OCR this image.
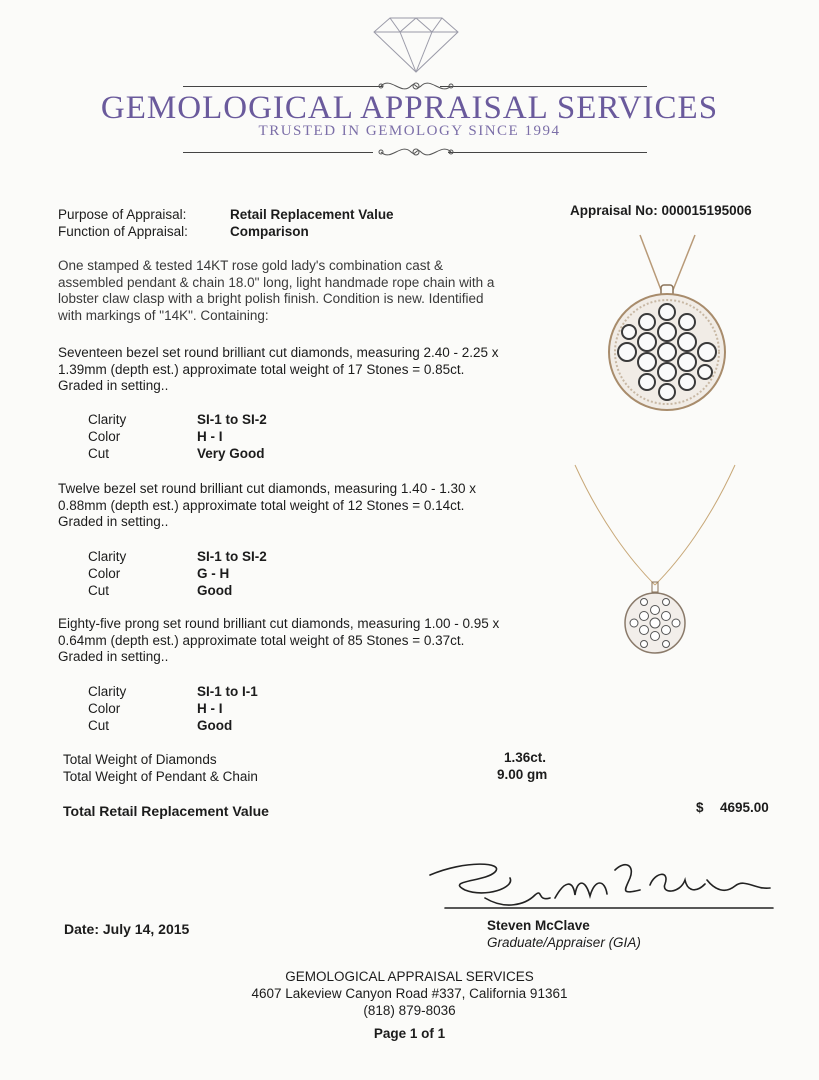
GEMOLOGICAL APPRAISAL SERVICES
TRUSTED IN GEMOLOGY SINCE 1994
Purpose of Appraisal:	Retail Replacement Value
Function of Appraisal:	Comparison
Appraisal No: 000015195006
One stamped & tested 14KT rose gold lady's combination cast & assembled pendant & chain 18.0" long, light handmade rope chain with a lobster claw clasp with a bright polish finish. Condition is new. Identified with markings of "14K". Containing:
Seventeen bezel set round brilliant cut diamonds, measuring 2.40 - 2.25 x 1.39mm (depth est.) approximate total weight of 17 Stones = 0.85ct. Graded in setting..
Clarity	SI-1 to SI-2
Color	H - I
Cut	Very Good
Twelve bezel set round brilliant cut diamonds, measuring 1.40 - 1.30 x 0.88mm (depth est.) approximate total weight of 12 Stones = 0.14ct. Graded in setting..
Clarity	SI-1 to SI-2
Color	G - H
Cut	Good
Eighty-five prong set round brilliant cut diamonds, measuring 1.00 - 0.95 x 0.64mm (depth est.) approximate total weight of 85 Stones = 0.37ct. Graded in setting..
Clarity	SI-1 to I-1
Color	H - I
Cut	Good
Total Weight of Diamonds	1.36ct.
Total Weight of Pendant & Chain	9.00 gm
Total Retail Replacement Value	$ 4695.00
Date: July 14, 2015	Steven McClave
Graduate/Appraiser (GIA)
GEMOLOGICAL APPRAISAL SERVICES
4607 Lakeview Canyon Road #337, California 91361
(818) 879-8036
Page 1 of 1
